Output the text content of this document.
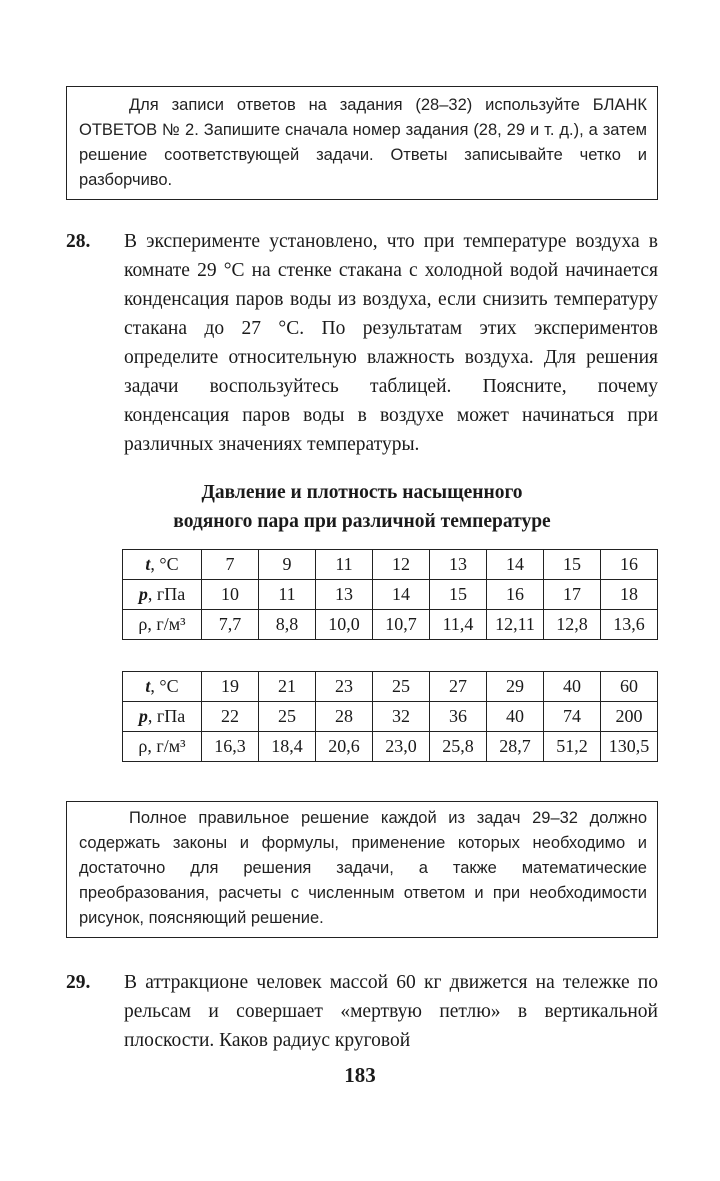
Для записи ответов на задания (28–32) используйте БЛАНК ОТВЕТОВ № 2. Запишите сначала номер задания (28, 29 и т. д.), а затем решение соответствующей задачи. Ответы записывайте четко и разборчиво.

28. В эксперименте установлено, что при температуре воздуха в комнате 29 °С на стенке стакана с холодной водой начинается конденсация паров воды из воздуха, если снизить температуру стакана до 27 °С. По результатам этих экспериментов определите относительную влажность воздуха. Для решения задачи воспользуйтесь таблицей. Поясните, почему конденсация паров воды в воздухе может начинаться при различных значениях температуры.
Давление и плотность насыщенного
водяного пара при различной температуре
t, °С	7	9	11	12	13	14	15	16
p, гПа	10	11	13	14	15	16	17	18
ρ, г/м³	7,7	8,8	10,0	10,7	11,4	12,11	12,8	13,6
t, °С	19	21	23	25	27	29	40	60
p, гПа	22	25	28	32	36	40	74	200
ρ, г/м³	16,3	18,4	20,6	23,0	25,8	28,7	51,2	130,5

Полное правильное решение каждой из задач 29–32 должно содержать законы и формулы, применение которых необходимо и достаточно для решения задачи, а также математические преобразования, расчеты с численным ответом и при необходимости рисунок, поясняющий решение.

29. В аттракционе человек массой 60 кг движется на тележке по рельсам и совершает «мертвую петлю» в вертикальной плоскости. Каков радиус круговой
183
